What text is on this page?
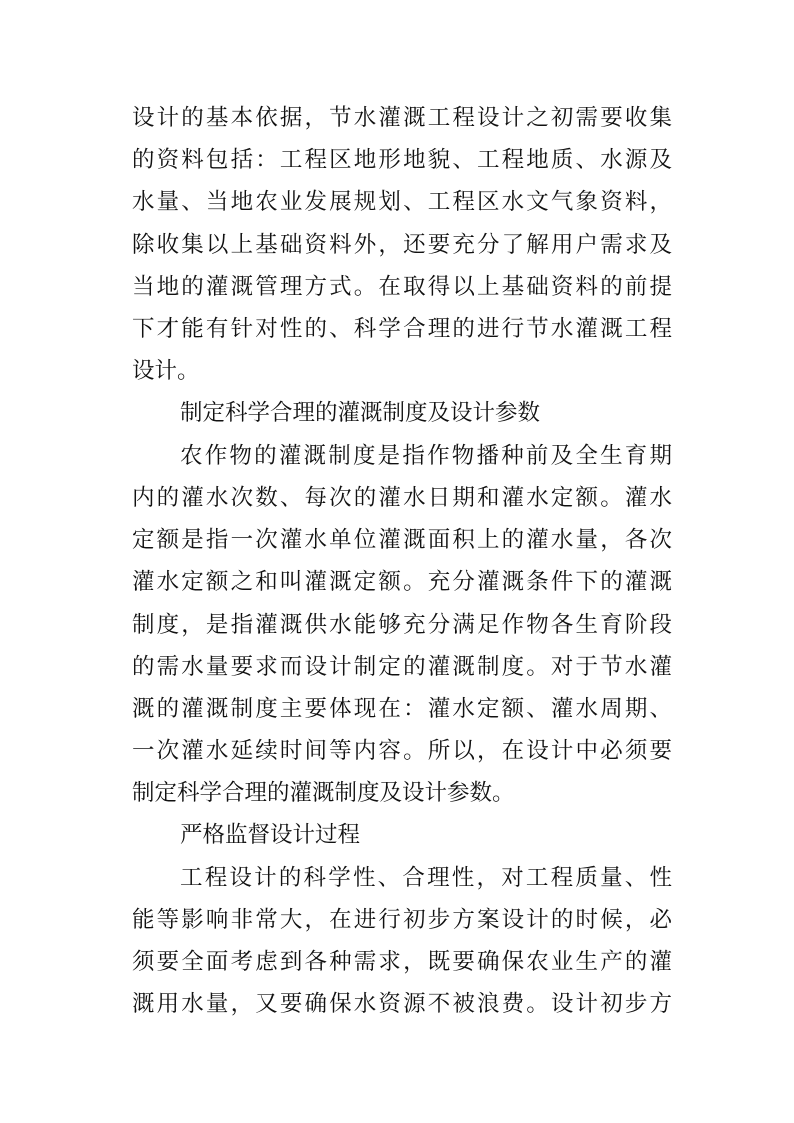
设计的基本依据，节水灌溉工程设计之初需要收集
的资料包括：工程区地形地貌、工程地质、水源及
水量、当地农业发展规划、工程区水文气象资料，
除收集以上基础资料外，还要充分了解用户需求及
当地的灌溉管理方式。在取得以上基础资料的前提
下才能有针对性的、科学合理的进行节水灌溉工程
设计。
制定科学合理的灌溉制度及设计参数
农作物的灌溉制度是指作物播种前及全生育期
内的灌水次数、每次的灌水日期和灌水定额。灌水
定额是指一次灌水单位灌溉面积上的灌水量，各次
灌水定额之和叫灌溉定额。充分灌溉条件下的灌溉
制度，是指灌溉供水能够充分满足作物各生育阶段
的需水量要求而设计制定的灌溉制度。对于节水灌
溉的灌溉制度主要体现在：灌水定额、灌水周期、
一次灌水延续时间等内容。所以，在设计中必须要
制定科学合理的灌溉制度及设计参数。
严格监督设计过程
工程设计的科学性、合理性，对工程质量、性
能等影响非常大，在进行初步方案设计的时候，必
须要全面考虑到各种需求，既要确保农业生产的灌
溉用水量，又要确保水资源不被浪费。设计初步方
